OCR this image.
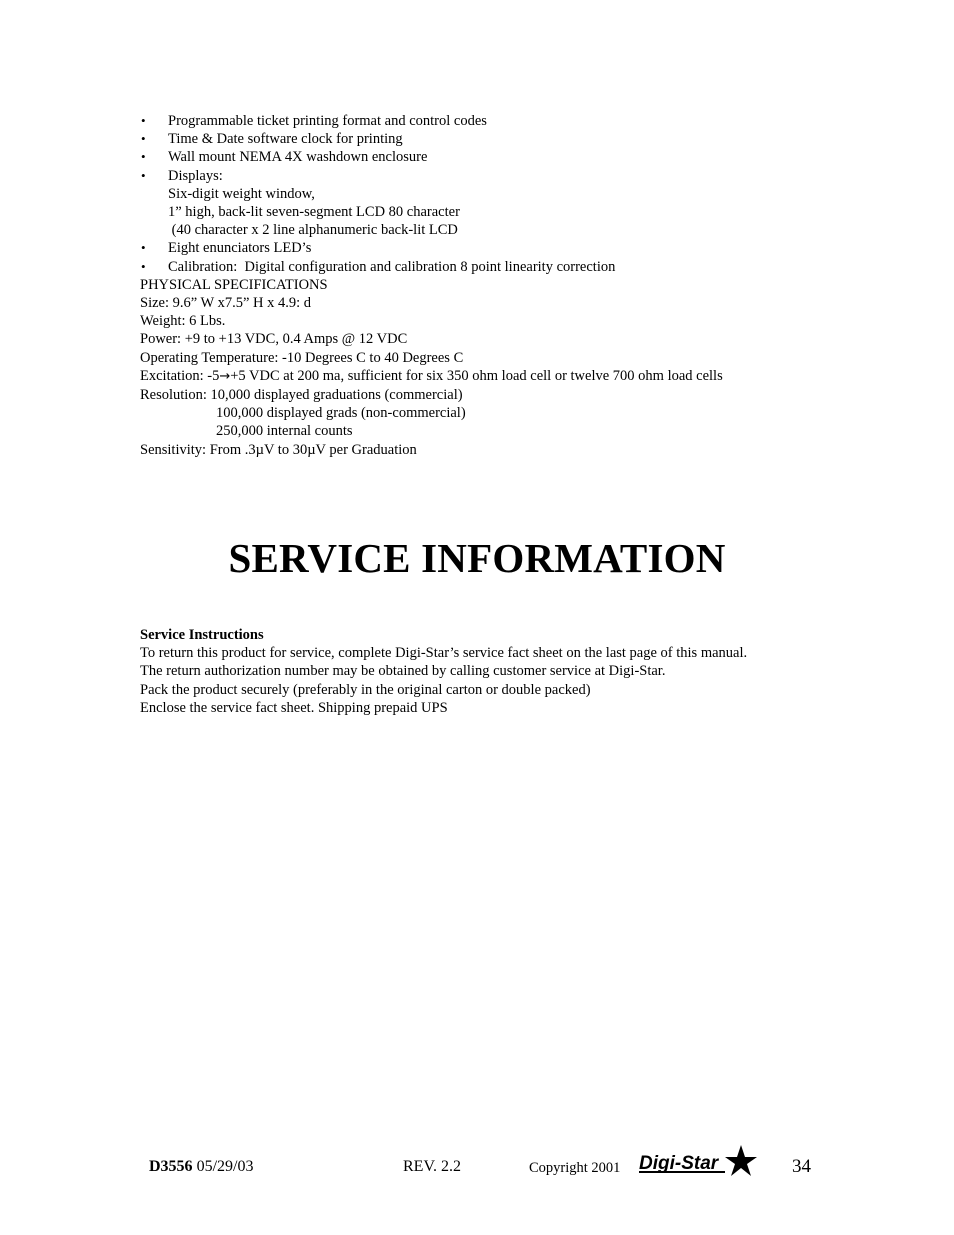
• Programmable ticket printing format and control codes
• Time & Date software clock for printing
• Wall mount NEMA 4X washdown enclosure
• Displays:
Six-digit weight window,
1” high, back-lit seven-segment LCD 80 character
(40 character x 2 line alphanumeric back-lit LCD
• Eight enunciators LED’s
• Calibration:  Digital configuration and calibration 8 point linearity correction
PHYSICAL SPECIFICATIONS
Size: 9.6” W x7.5” H x 4.9: d
Weight: 6 Lbs.
Power: +9 to +13 VDC, 0.4 Amps @ 12 VDC
Operating Temperature: -10 Degrees C to 40 Degrees C
Excitation: -5→+5 VDC at 200 ma, sufficient for six 350 ohm load cell or twelve 700 ohm load cells
Resolution: 10,000 displayed graduations (commercial)
100,000 displayed grads (non-commercial)
250,000 internal counts
Sensitivity: From .3µV to 30µV per Graduation
SERVICE INFORMATION
Service Instructions
To return this product for service, complete Digi-Star’s service fact sheet on the last page of this manual.
The return authorization number may be obtained by calling customer service at Digi-Star.
Pack the product securely (preferably in the original carton or double packed)
Enclose the service fact sheet. Shipping prepaid UPS
D3556 05/29/03	REV. 2.2	Copyright 2001 Digi-Star	34
